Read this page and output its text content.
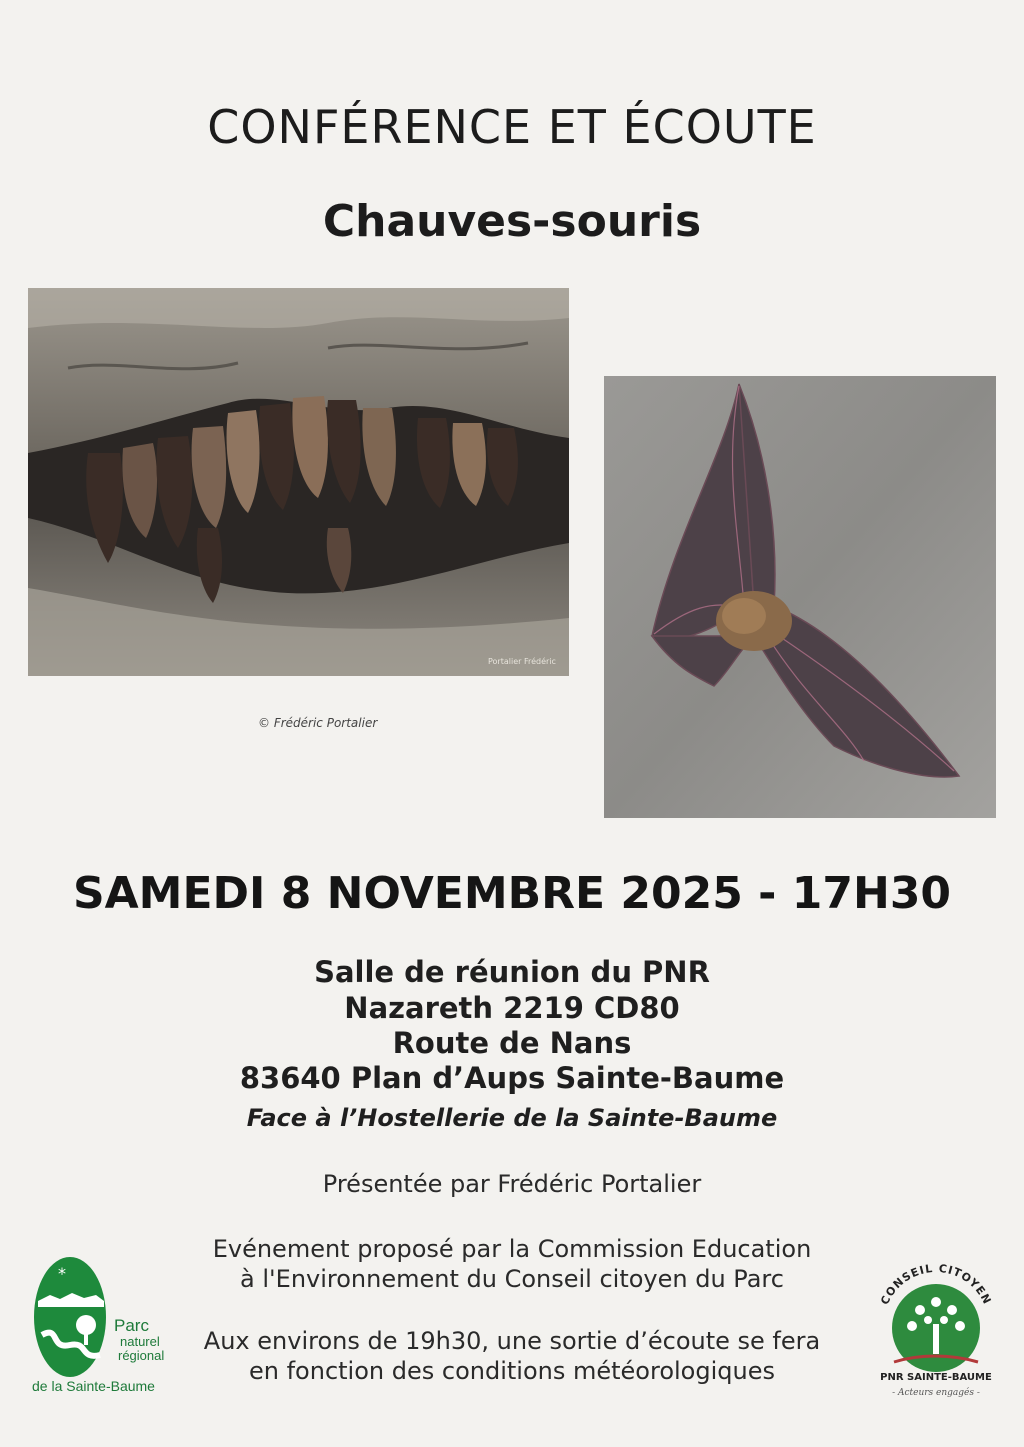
CONFÉRENCE ET ÉCOUTE
Chauves-souris
Portalier Frédéric
© Frédéric Portalier
SAMEDI 8 NOVEMBRE 2025 - 17H30
Salle de réunion du PNR
Nazareth 2219 CD80
Route de Nans
83640 Plan d’Aups Sainte-Baume
Face à l’Hostellerie de la Sainte-Baume
Présentée par Frédéric Portalier
Evénement proposé par la Commission Education
à l'Environnement du Conseil citoyen du Parc
Aux environs de 19h30, une sortie d’écoute se fera
en fonction des conditions météorologiques
*
Parc
naturel
régional
de la Sainte-Baume
CONSEIL CITOYEN
PNR SAINTE-BAUME
- Acteurs engagés -
